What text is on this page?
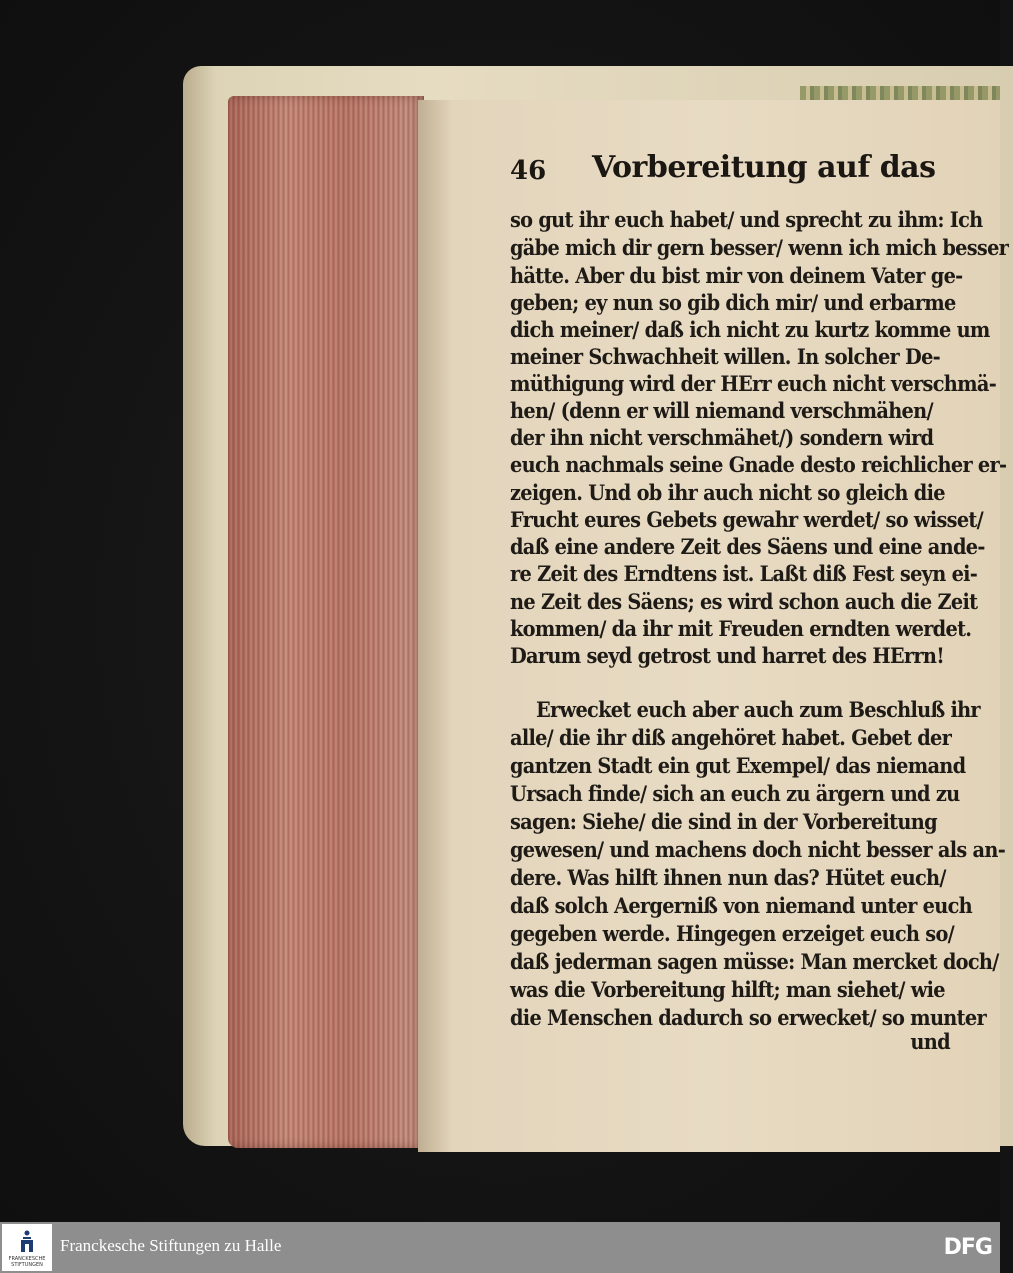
46 Vorbereitung auf das
so gut ihr euch habet/ und sprecht zu ihm: Ich
gäbe mich dir gern besser/ wenn ich mich besser
hätte. Aber du bist mir von deinem Vater ge-
geben; ey nun so gib dich mir/ und erbarme
dich meiner/ daß ich nicht zu kurtz komme um
meiner Schwachheit willen. In solcher De-
müthigung wird der HErr euch nicht verschmä-
hen/ (denn er will niemand verschmähen/
der ihn nicht verschmähet/) sondern wird
euch nachmals seine Gnade desto reichlicher er-
zeigen. Und ob ihr auch nicht so gleich die
Frucht eures Gebets gewahr werdet/ so wisset/
daß eine andere Zeit des Säens und eine ande-
re Zeit des Erndtens ist. Laßt diß Fest seyn ei-
ne Zeit des Säens; es wird schon auch die Zeit
kommen/ da ihr mit Freuden erndten werdet.
Darum seyd getrost und harret des HErrn!
Erwecket euch aber auch zum Beschluß ihr
alle/ die ihr diß angehöret habet. Gebet der
gantzen Stadt ein gut Exempel/ das niemand
Ursach finde/ sich an euch zu ärgern und zu
sagen: Siehe/ die sind in der Vorbereitung
gewesen/ und machens doch nicht besser als an-
dere. Was hilft ihnen nun das? Hütet euch/
daß solch Aergerniß von niemand unter euch
gegeben werde. Hingegen erzeiget euch so/
daß jederman sagen müsse: Man mercket doch/
was die Vorbereitung hilft; man siehet/ wie
die Menschen dadurch so erwecket/ so munter
und
FRANCKESCHE
STIFTUNGEN
Franckesche Stiftungen zu Halle	DFG
